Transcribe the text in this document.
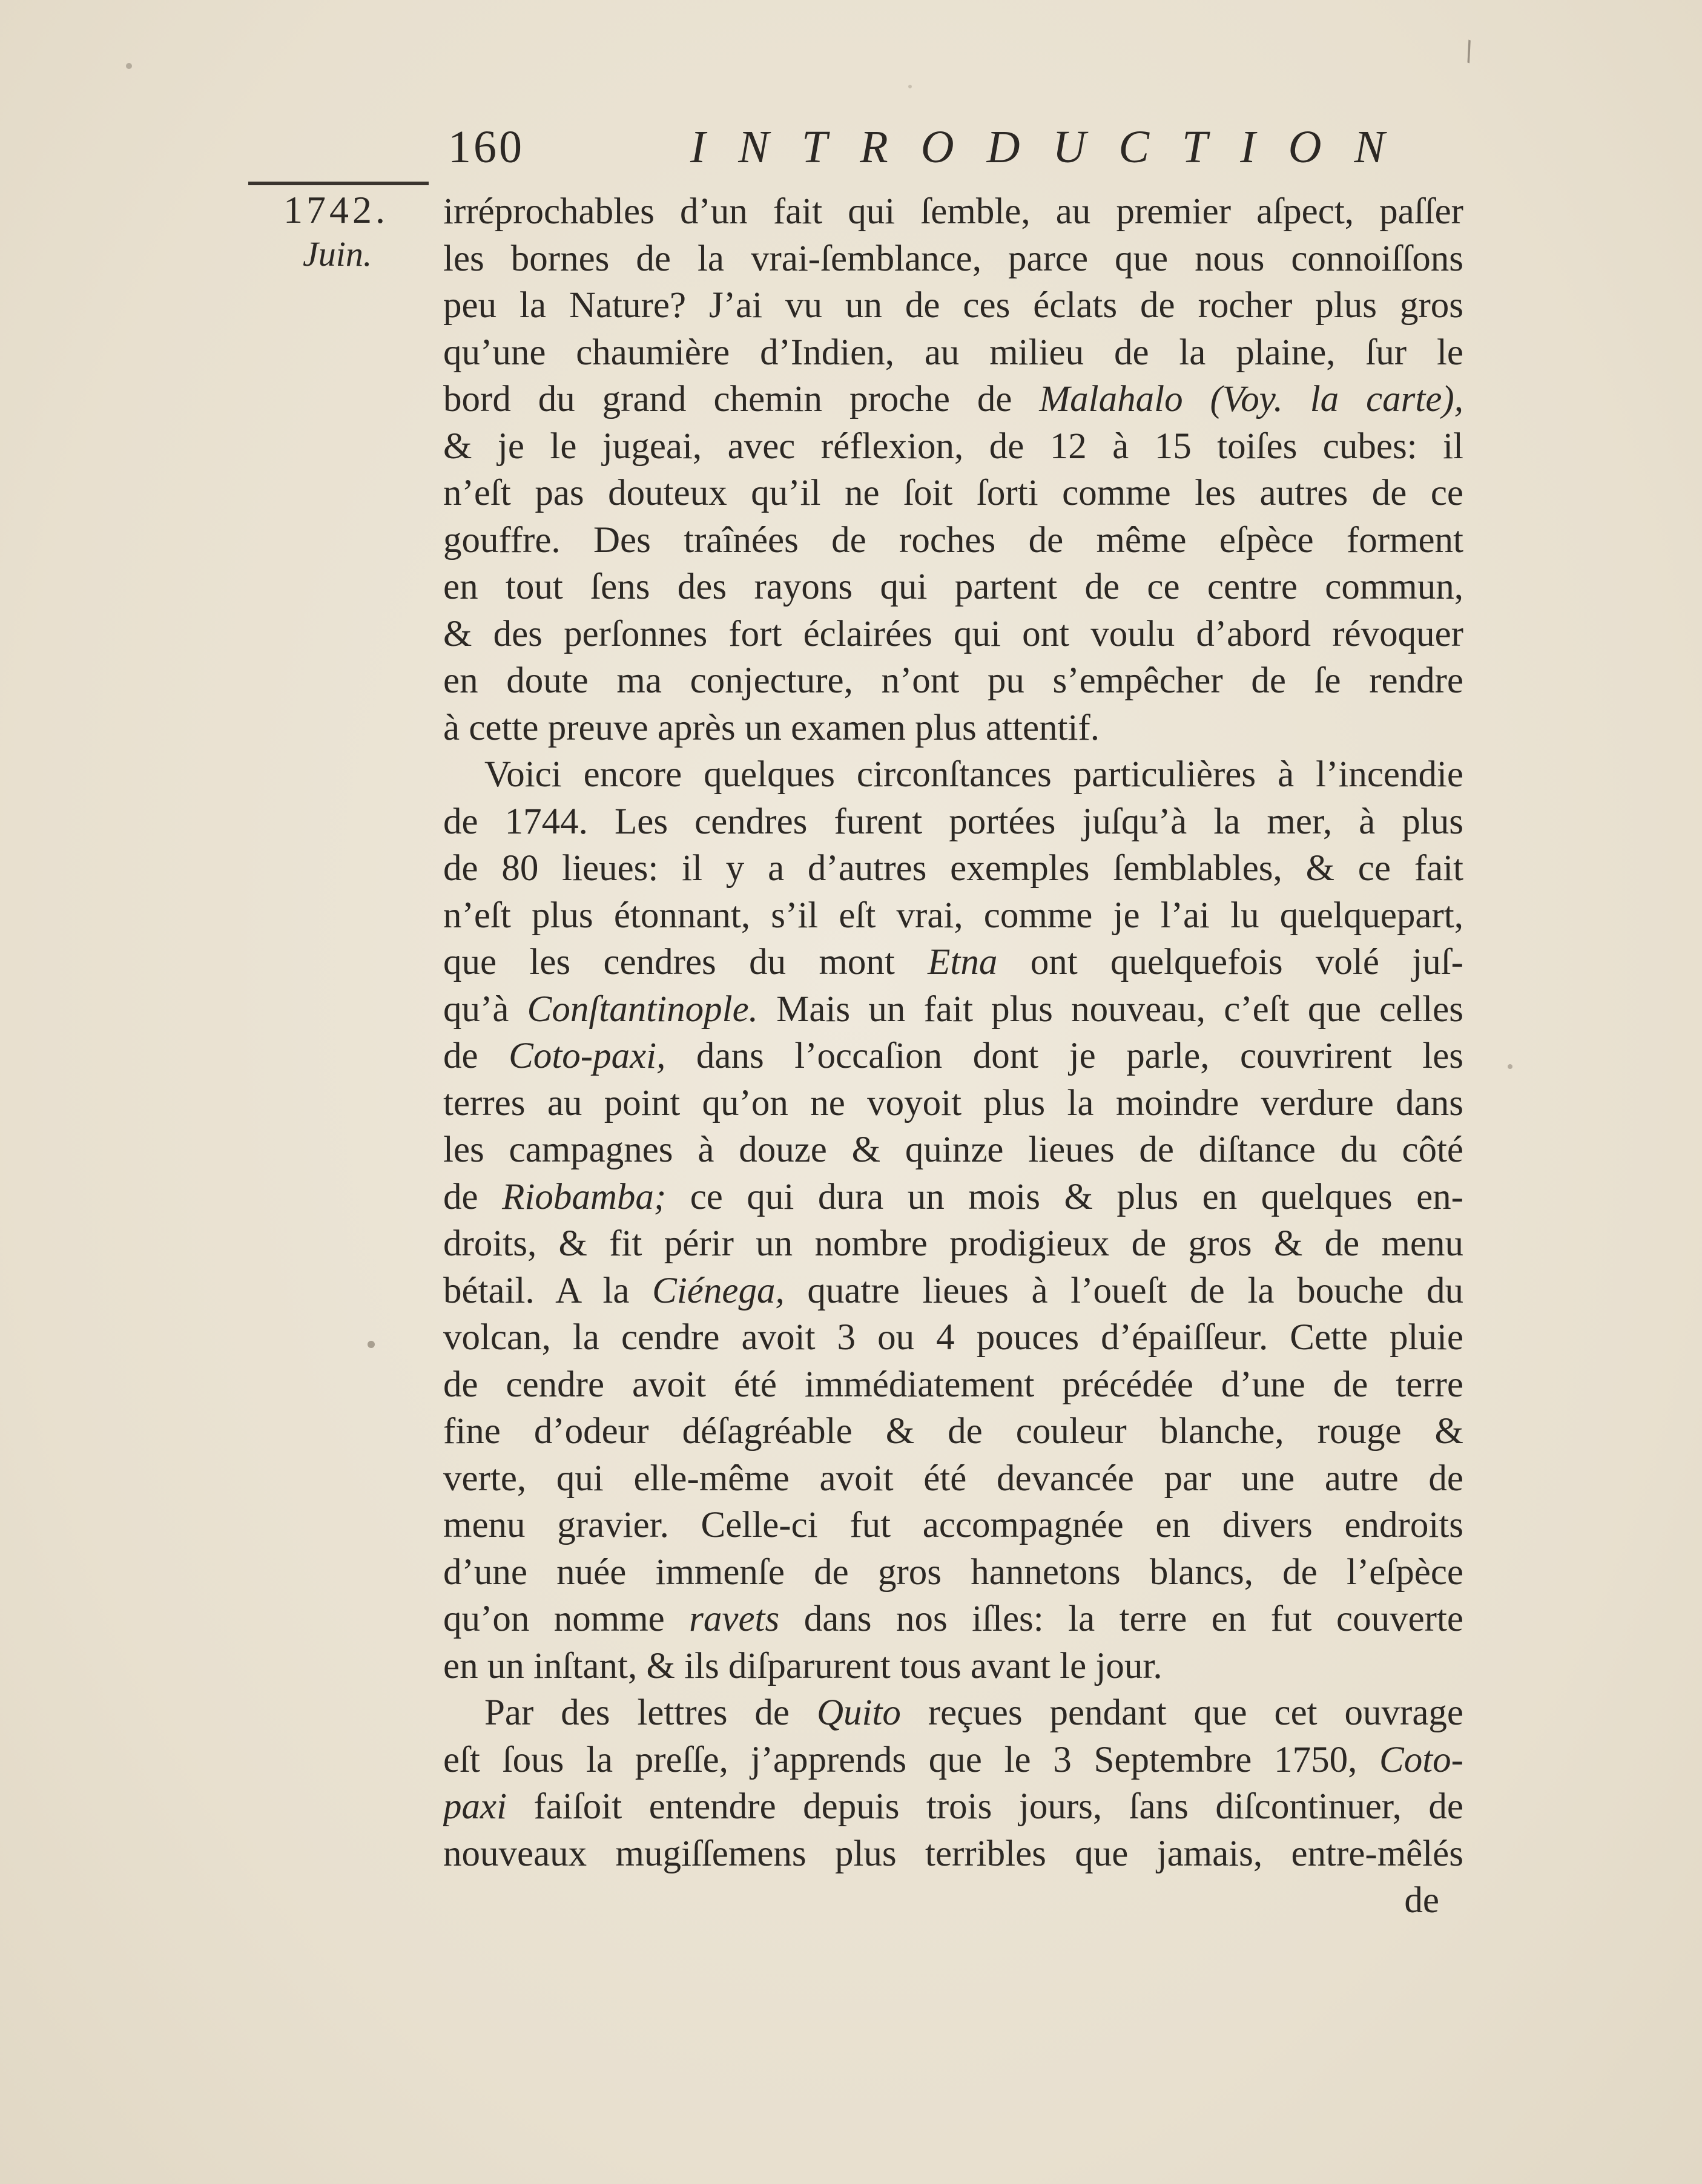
∖
160	INTRODUCTION
1742.
Juin.
irréprochables d’un fait qui ſemble, au premier aſpect, paſſer
les bornes de la vrai-ſemblance, parce que nous connoiſſons
peu la Nature? J’ai vu un de ces éclats de rocher plus gros
qu’une chaumière d’Indien, au milieu de la plaine, ſur le
bord du grand chemin proche de Malahalo (Voy. la carte),
& je le jugeai, avec réflexion, de 12 à 15 toiſes cubes: il
n’eſt pas douteux qu’il ne ſoit ſorti comme les autres de ce
gouffre. Des traînées de roches de même eſpèce forment
en tout ſens des rayons qui partent de ce centre commun,
& des perſonnes fort éclairées qui ont voulu d’abord révoquer
en doute ma conjecture, n’ont pu s’empêcher de ſe rendre
à cette preuve après un examen plus attentif.
Voici encore quelques circonſtances particulières à l’incendie
de 1744. Les cendres furent portées juſqu’à la mer, à plus
de 80 lieues: il y a d’autres exemples ſemblables, & ce fait
n’eſt plus étonnant, s’il eſt vrai, comme je l’ai lu quelquepart,
que les cendres du mont Etna ont quelquefois volé juſ-
qu’à Conſtantinople. Mais un fait plus nouveau, c’eſt que celles
de Coto-paxi, dans l’occaſion dont je parle, couvrirent les
terres au point qu’on ne voyoit plus la moindre verdure dans
les campagnes à douze & quinze lieues de diſtance du côté
de Riobamba; ce qui dura un mois & plus en quelques en-
droits, & fit périr un nombre prodigieux de gros & de menu
bétail. A la Ciénega, quatre lieues à l’oueſt de la bouche du
volcan, la cendre avoit 3 ou 4 pouces d’épaiſſeur. Cette pluie
de cendre avoit été immédiatement précédée d’une de terre
fine d’odeur déſagréable & de couleur blanche, rouge &
verte, qui elle-même avoit été devancée par une autre de
menu gravier. Celle-ci fut accompagnée en divers endroits
d’une nuée immenſe de gros hannetons blancs, de l’eſpèce
qu’on nomme ravets dans nos iſles: la terre en fut couverte
en un inſtant, & ils diſparurent tous avant le jour.
Par des lettres de Quito reçues pendant que cet ouvrage
eſt ſous la preſſe, j’apprends que le 3 Septembre 1750, Coto-
paxi faiſoit entendre depuis trois jours, ſans diſcontinuer, de
nouveaux mugiſſemens plus terribles que jamais, entre-mêlés
de
